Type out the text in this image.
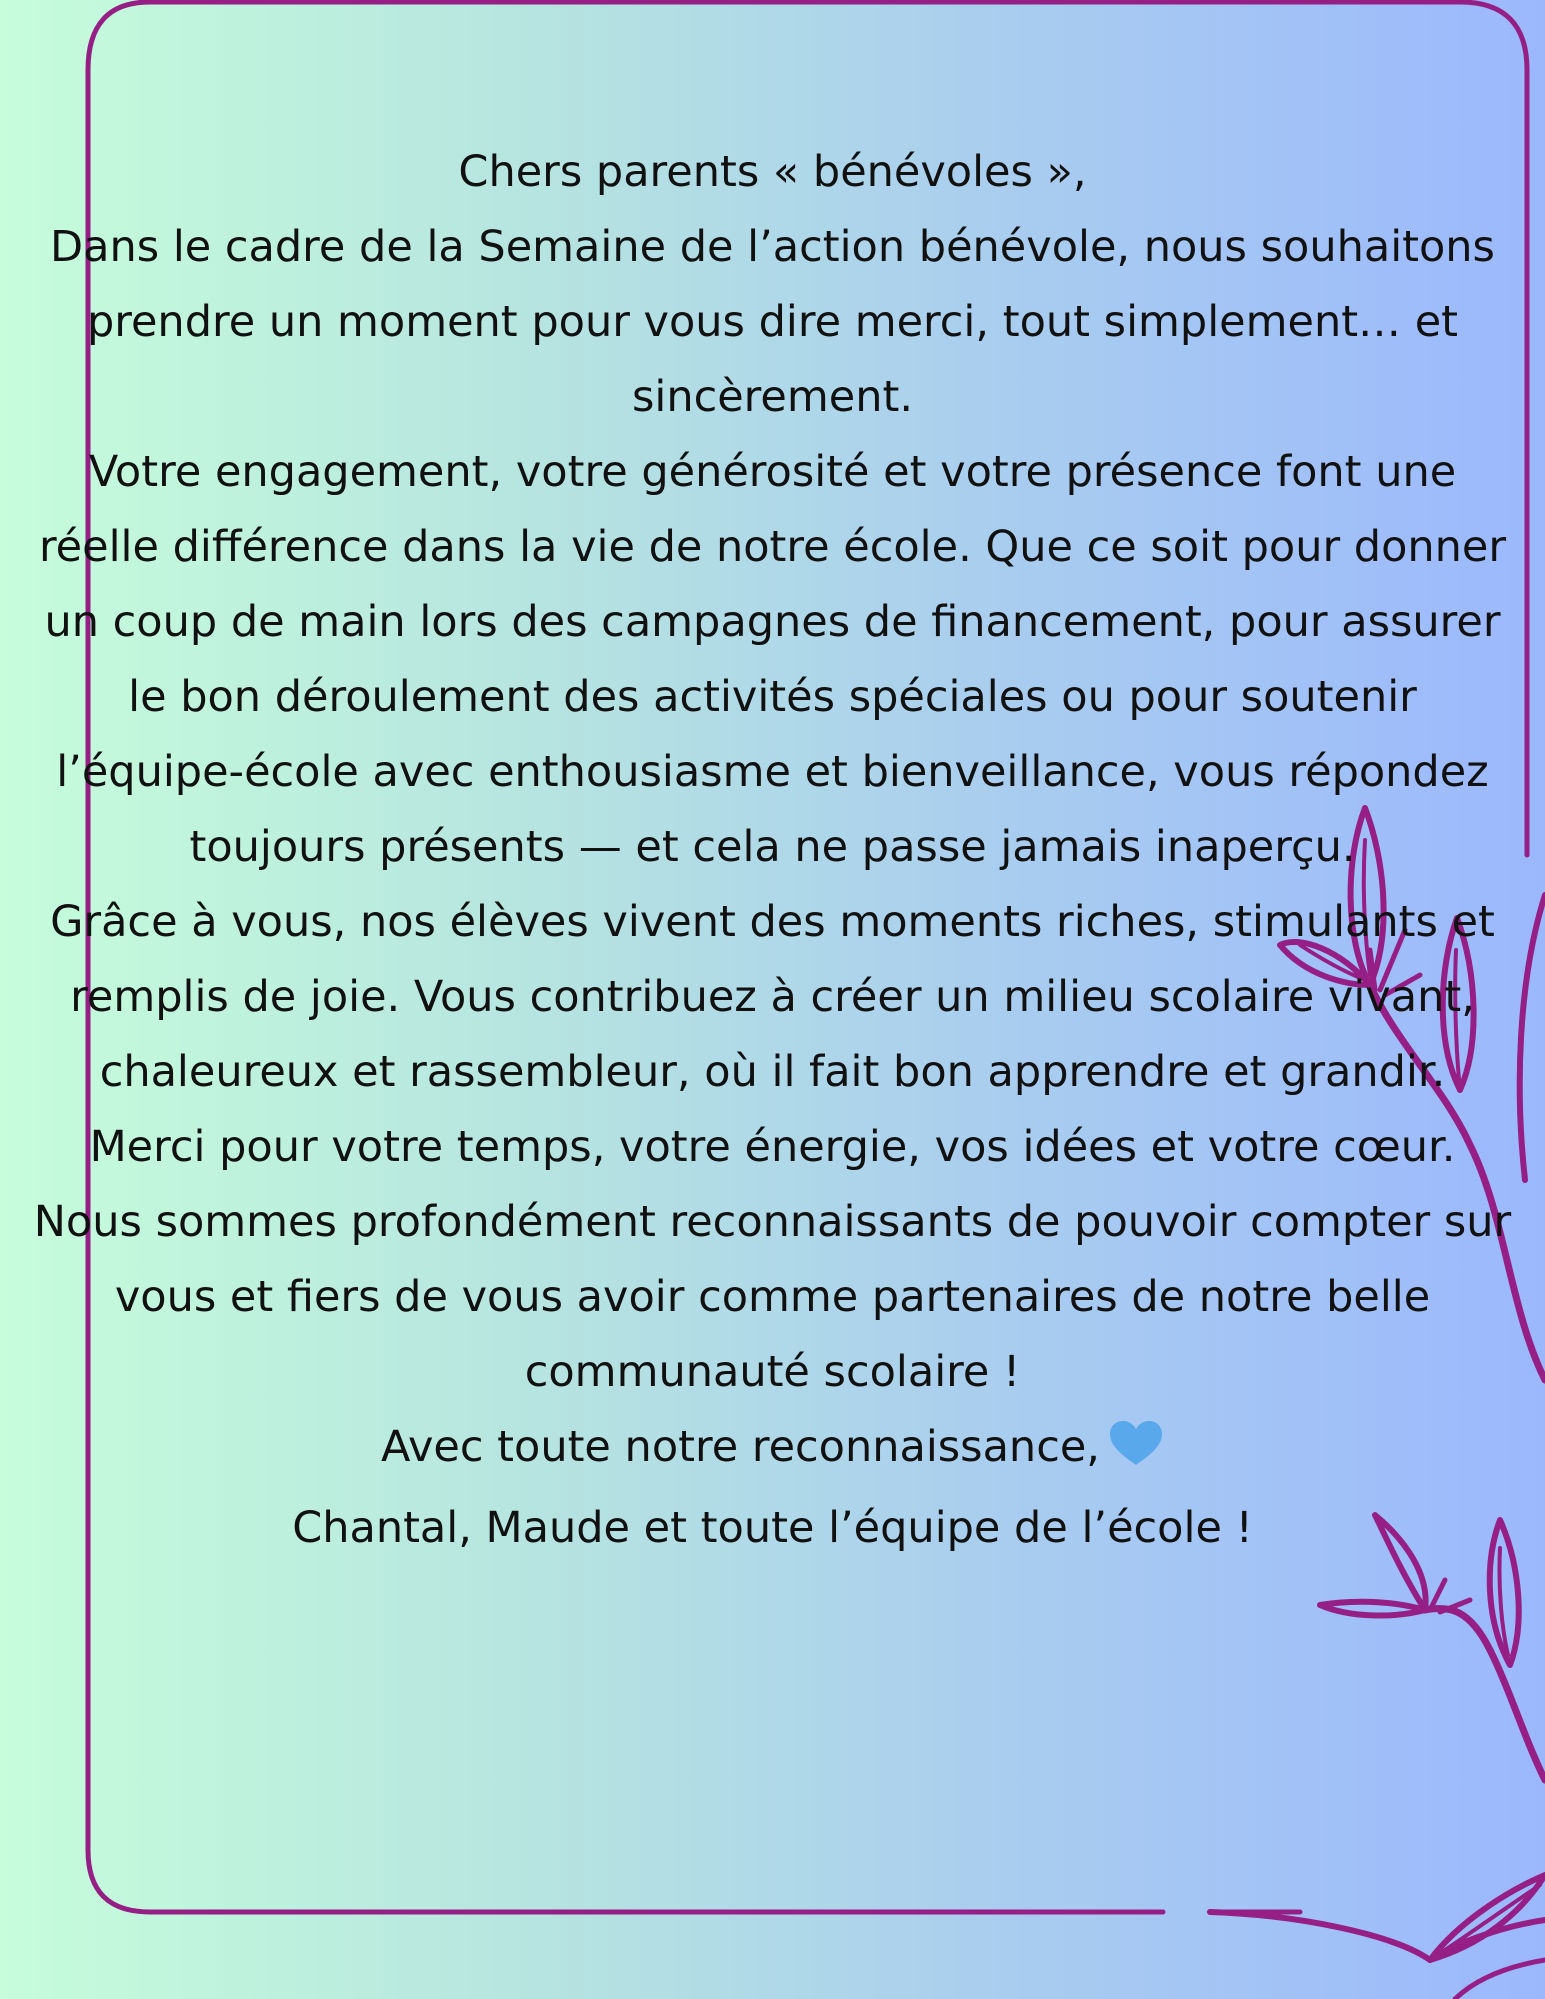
Chers parents « bénévoles »,

Dans le cadre de la Semaine de l’action bénévole, nous souhaitons prendre un moment pour vous dire merci, tout simplement… et sincèrement.

Votre engagement, votre générosité et votre présence font une réelle différence dans la vie de notre école. Que ce soit pour donner un coup de main lors des campagnes de financement, pour assurer le bon déroulement des activités spéciales ou pour soutenir l’équipe-école avec enthousiasme et bienveillance, vous répondez toujours présents — et cela ne passe jamais inaperçu.

Grâce à vous, nos élèves vivent des moments riches, stimulants et remplis de joie. Vous contribuez à créer un milieu scolaire vivant, chaleureux et rassembleur, où il fait bon apprendre et grandir.

Merci pour votre temps, votre énergie, vos idées et votre cœur. Nous sommes profondément reconnaissants de pouvoir compter sur vous et fiers de vous avoir comme partenaires de notre belle communauté scolaire !

Avec toute notre reconnaissance,

Chantal, Maude et toute l’équipe de l’école !
